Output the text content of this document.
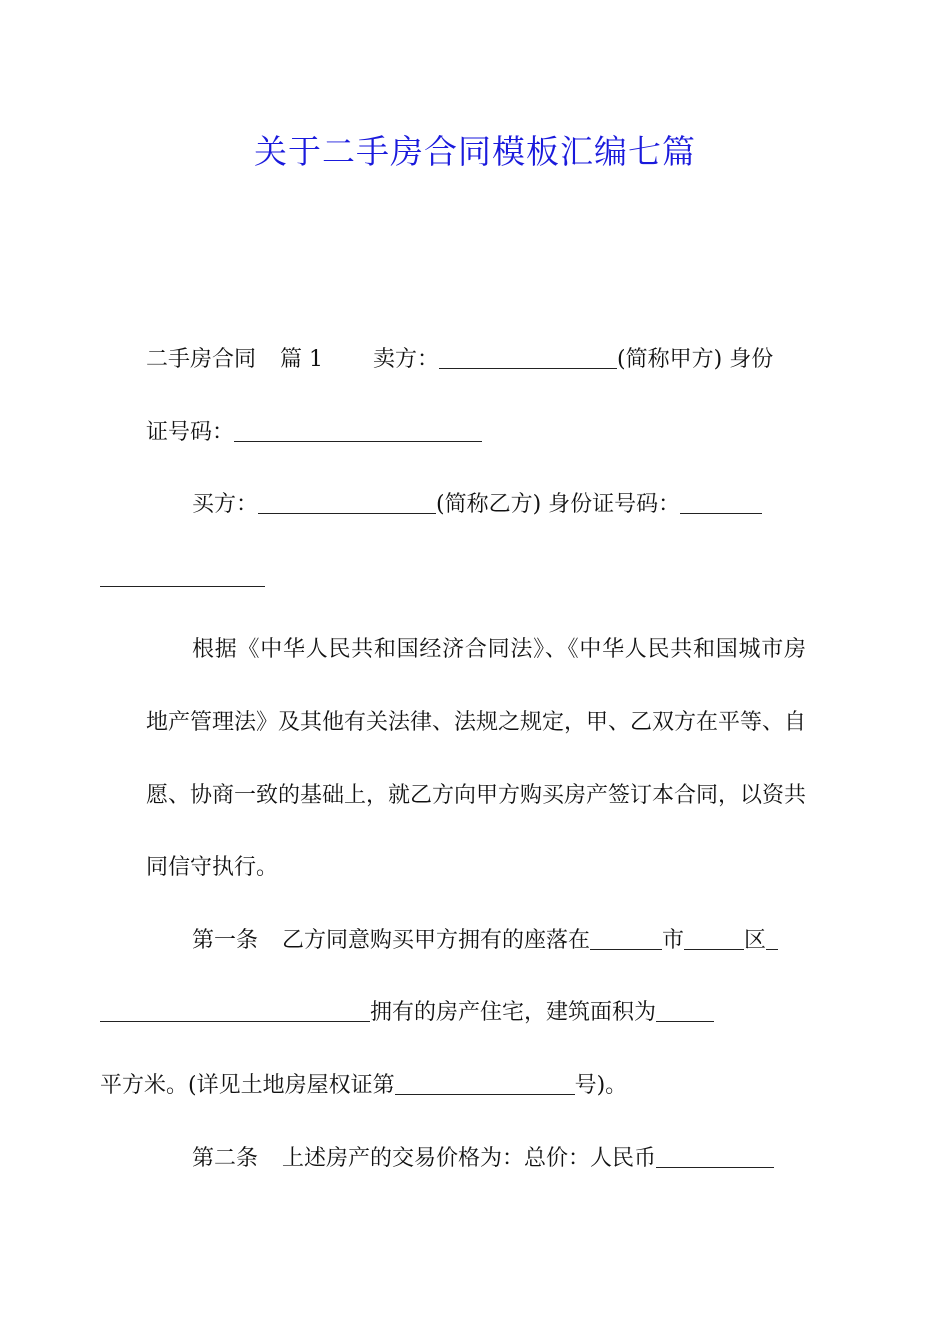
关于二手房合同模板汇编七篇

二手房合同 篇 1 卖方：	(简称甲方) 身份
证号码：

买方：	(简称乙方) 身份证号码：

根据《中华人民共和国经济合同法》、《中华人民共和国城市房地产管理法》及其他有关法律、法规之规定，甲、乙双方在平等、自愿、协商一致的基础上，就乙方向甲方购买房产签订本合同，以资共同信守执行。

第一条 乙方同意购买甲方拥有的座落在	市	区
拥有的房产住宅，建筑面积为
平方米。(详见土地房屋权证第	号)。

第二条 上述房产的交易价格为：总价：人民币
